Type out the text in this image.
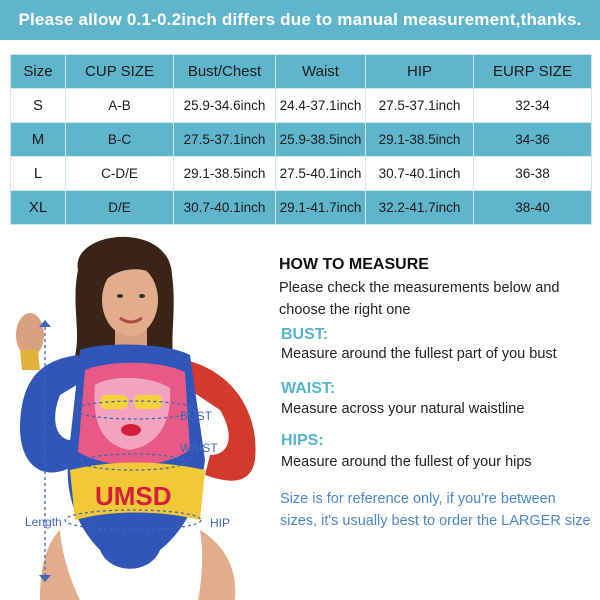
Please allow 0.1-0.2inch differs due to manual measurement,thanks.
Size	CUP SIZE	Bust/Chest	Waist	HIP	EURP SIZE
S	A-B	25.9-34.6inch	24.4-37.1inch	27.5-37.1inch	32-34
M	B-C	27.5-37.1inch	25.9-38.5inch	29.1-38.5inch	34-36
L	C-D/E	29.1-38.5inch	27.5-40.1inch	30.7-40.1inch	36-38
XL	D/E	30.7-40.1inch	29.1-41.7inch	32.2-41.7inch	38-40
UMSD
BUST
WAIST
HIP
Length
HOW TO MEASURE

Please check the measurements below and choose the right one

BUST:

Measure around the fullest part of you bust

WAIST:

Measure across your natural waistline

HIPS:

Measure around the fullest of your hips

Size is for reference only, if you're between sizes, it's usually best to order the LARGER size
